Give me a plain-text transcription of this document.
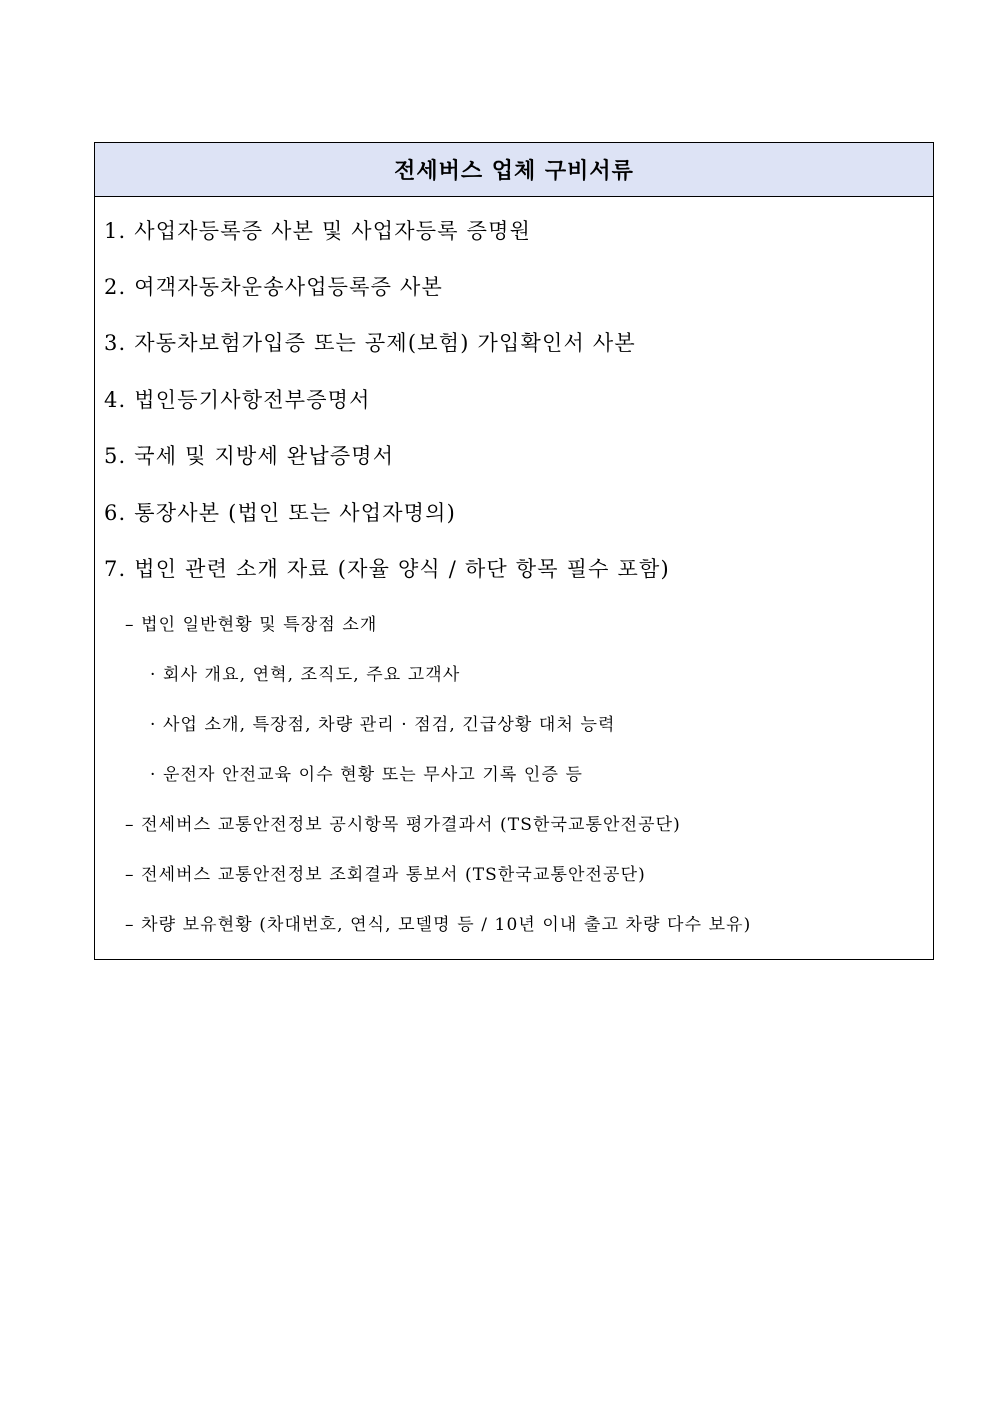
전세버스 업체 구비서류
1. 사업자등록증 사본 및 사업자등록 증명원
2. 여객자동차운송사업등록증 사본
3. 자동차보험가입증 또는 공제(보험) 가입확인서 사본
4. 법인등기사항전부증명서
5. 국세 및 지방세 완납증명서
6. 통장사본 (법인 또는 사업자명의)
7. 법인 관련 소개 자료 (자율 양식 / 하단 항목 필수 포함)
– 법인 일반현황 및 특장점 소개
· 회사 개요, 연혁, 조직도, 주요 고객사
· 사업 소개, 특장점, 차량 관리 · 점검, 긴급상황 대처 능력
· 운전자 안전교육 이수 현황 또는 무사고 기록 인증 등
– 전세버스 교통안전정보 공시항목 평가결과서 (TS한국교통안전공단)
– 전세버스 교통안전정보 조회결과 통보서 (TS한국교통안전공단)
– 차량 보유현황 (차대번호, 연식, 모델명 등 / 10년 이내 출고 차량 다수 보유)
